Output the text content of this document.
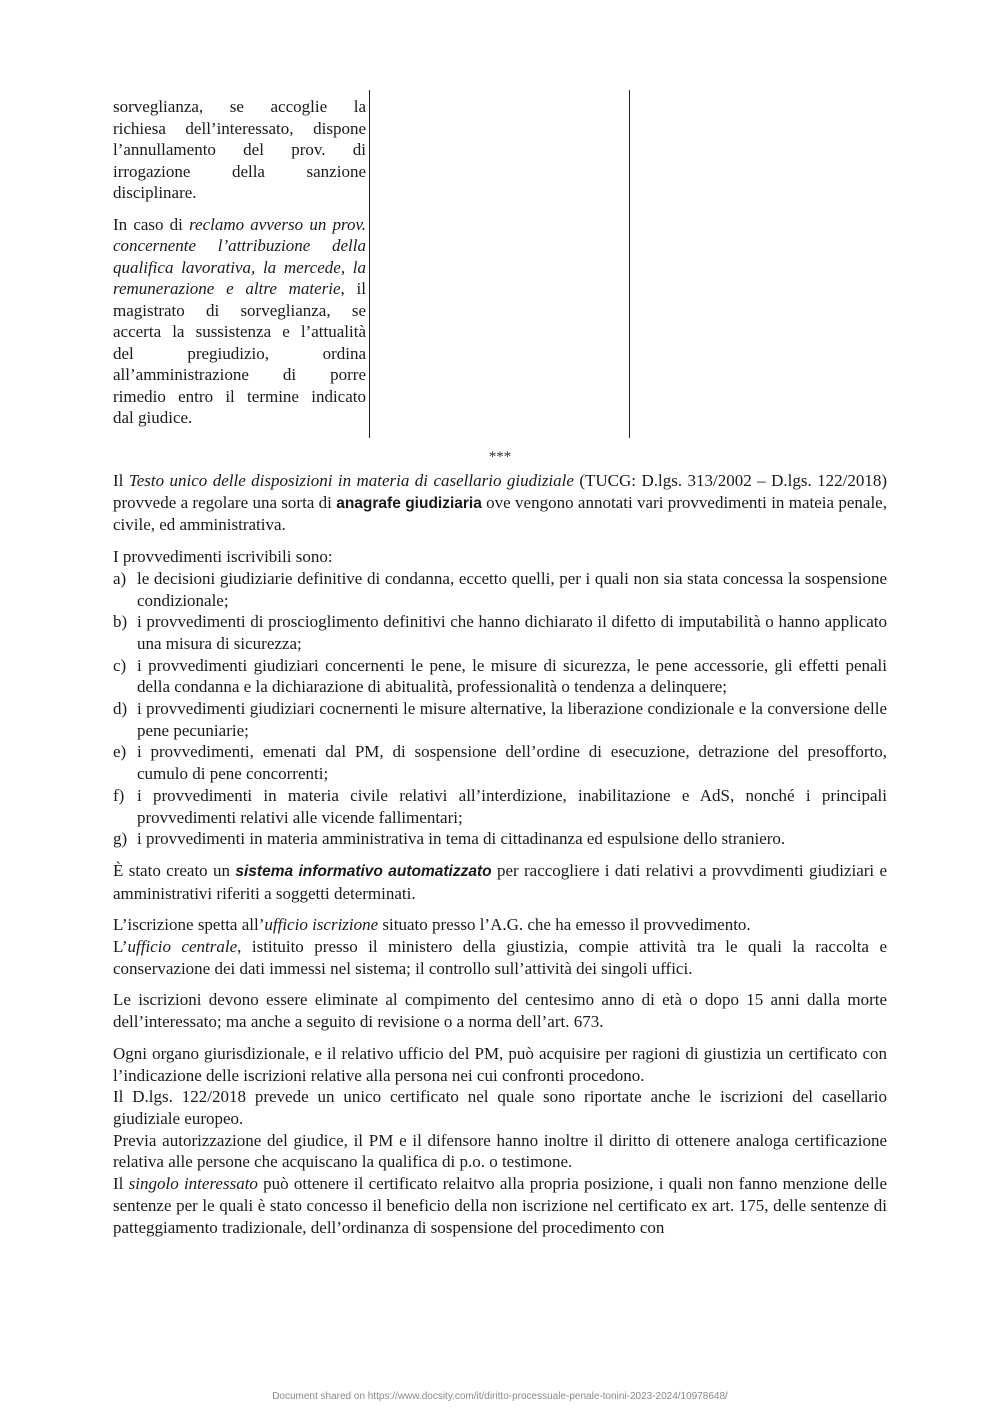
sorveglianza, se accoglie la
richiesa dell’interessato, dispone
l’annullamento del prov. di
irrogazione della sanzione
disciplinare.

In caso di reclamo avverso un prov.
concernente l’attribuzione della
qualifica lavorativa, la mercede, la
remunerazione e altre materie, il
magistrato di sorveglianza, se
accerta la sussistenza e l’attualità
del pregiudizio, ordina
all’amministrazione di porre
rimedio entro il termine indicato
dal giudice.

***

Il Testo unico delle disposizioni in materia di casellario giudiziale (TUCG: D.lgs. 313/2002 – D.lgs. 122/2018) provvede a regolare una sorta di anagrafe giudiziaria ove vengono annotati vari provvedimenti in mateia penale, civile, ed amministrativa.

I provvedimenti iscrivibili sono:

a) le decisioni giudiziarie definitive di condanna, eccetto quelli, per i quali non sia stata concessa la sospensione condizionale;
b) i provvedimenti di proscioglimento definitivi che hanno dichiarato il difetto di imputabilità o hanno applicato una misura di sicurezza;
c) i provvedimenti giudiziari concernenti le pene, le misure di sicurezza, le pene accessorie, gli effetti penali della condanna e la dichiarazione di abitualità, professionalità o tendenza a delinquere;
d) i provvedimenti giudiziari cocnernenti le misure alternative, la liberazione condizionale e la conversione delle pene pecuniarie;
e) i provvedimenti, emenati dal PM, di sospensione dell’ordine di esecuzione, detrazione del presofforto, cumulo di pene concorrenti;
f) i provvedimenti in materia civile relativi all’interdizione, inabilitazione e AdS, nonché i principali provvedimenti relativi alle vicende fallimentari;
g) i provvedimenti in materia amministrativa in tema di cittadinanza ed espulsione dello straniero.

È stato creato un sistema informativo automatizzato per raccogliere i dati relativi a provvdimenti giudiziari e amministrativi riferiti a soggetti determinati.

L’iscrizione spetta all’ufficio iscrizione situato presso l’A.G. che ha emesso il provvedimento.

L’ufficio centrale, istituito presso il ministero della giustizia, compie attività tra le quali la raccolta e conservazione dei dati immessi nel sistema; il controllo sull’attività dei singoli uffici.

Le iscrizioni devono essere eliminate al compimento del centesimo anno di età o dopo 15 anni dalla morte dell’interessato; ma anche a seguito di revisione o a norma dell’art. 673.

Ogni organo giurisdizionale, e il relativo ufficio del PM, può acquisire per ragioni di giustizia un certificato con l’indicazione delle iscrizioni relative alla persona nei cui confronti procedono.

Il D.lgs. 122/2018 prevede un unico certificato nel quale sono riportate anche le iscrizioni del casellario giudiziale europeo.

Previa autorizzazione del giudice, il PM e il difensore hanno inoltre il diritto di ottenere analoga certificazione relativa alle persone che acquiscano la qualifica di p.o. o testimone.

Il singolo interessato può ottenere il certificato relaitvo alla propria posizione, i quali non fanno menzione delle sentenze per le quali è stato concesso il beneficio della non iscrizione nel certificato ex art. 175, delle sentenze di patteggiamento tradizionale, dell’ordinanza di sospensione del procedimento con

Document shared on https://www.docsity.com/it/diritto-processuale-penale-tonini-2023-2024/10978648/
